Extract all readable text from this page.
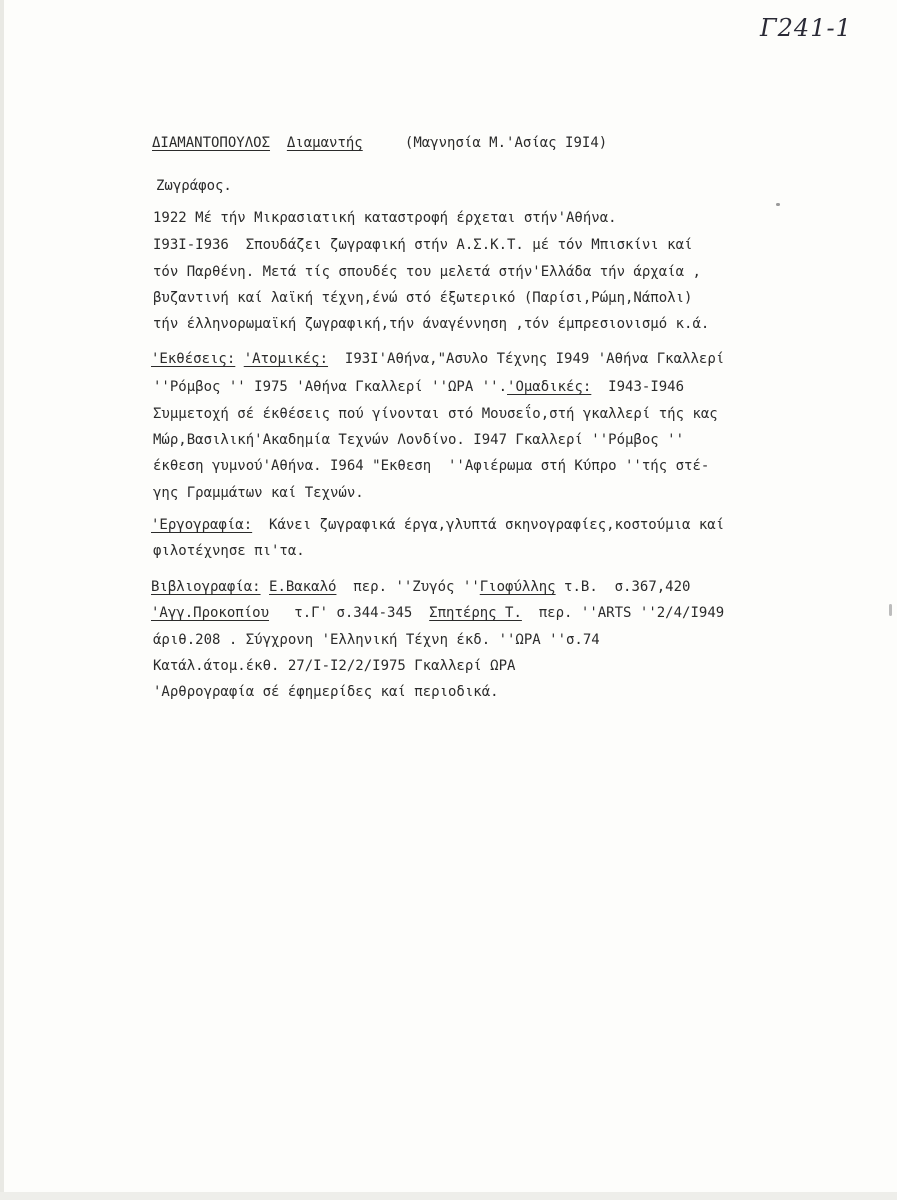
Γ241-1
ΔΙΑΜΑΝΤΟΠΟΥΛΟΣ Διαμαντής	(Μαγνησία Μ.'Ασίας Ι9Ι4)
Ζωγράφος.
1922 Μέ τήν Μικρασιατική καταστροφή έρχεται στήν'Αθήνα.
Ι93Ι-Ι936  Σπουδάζει ζωγραφική στήν Α.Σ.Κ.Τ. μέ τόν Μπισκίνι καί
τόν Παρθένη. Μετά τίς σπουδές του μελετά στήν'Ελλάδα τήν άρχαία ,
βυζαντινή καί λαϊκή τέχνη,ένώ στό έξωτερικό (Παρίσι,Ρώμη,Νάπολι)
τήν έλληνορωμαϊκή ζωγραφική,τήν άναγέννηση ,τόν έμπρεσιονισμό κ.ά.
'Εκθέσεις: 'Ατομικές:  Ι93Ι'Αθήνα,"Ασυλο Τέχνης Ι949 'Αθήνα Γκαλλερί
''Ρόμβος '' Ι975 'Αθήνα Γκαλλερί ''ΩΡΑ ''.'Ομαδικές:  Ι943-Ι946
Συμμετοχή σέ έκθέσεις πού γίνονται στό Μουσεΐο,στή γκαλλερί τής κας
Μώρ,Βασιλική'Ακαδημία Τεχνών Λονδίνο. Ι947 Γκαλλερί ''Ρόμβος ''
έκθεση γυμνού'Αθήνα. Ι964 "Εκθεση  ''Αφιέρωμα στή Κύπρο ''τής στέ-
γης Γραμμάτων καί Τεχνών.
'Εργογραφία:  Κάνει ζωγραφικά έργα,γλυπτά σκηνογραφίες,κοστούμια καί
φιλοτέχνησε πι'τα.
Βιβλιογραφία: Ε.Βακαλό  περ. ''Ζυγός ''Γιοφύλλης τ.Β.  σ.367,420
'Αγγ.Προκοπίου   τ.Γ' σ.344-345  Σπητέρης Τ.  περ. ''ARTS ''2/4/Ι949
άριθ.208 . Σύγχρονη 'Ελληνική Τέχνη έκδ. ''ΩΡΑ ''σ.74
Κατάλ.άτομ.έκθ. 27/Ι-Ι2/2/Ι975 Γκαλλερί ΩΡΑ
'Αρθρογραφία σέ έφημερίδες καί περιοδικά.
